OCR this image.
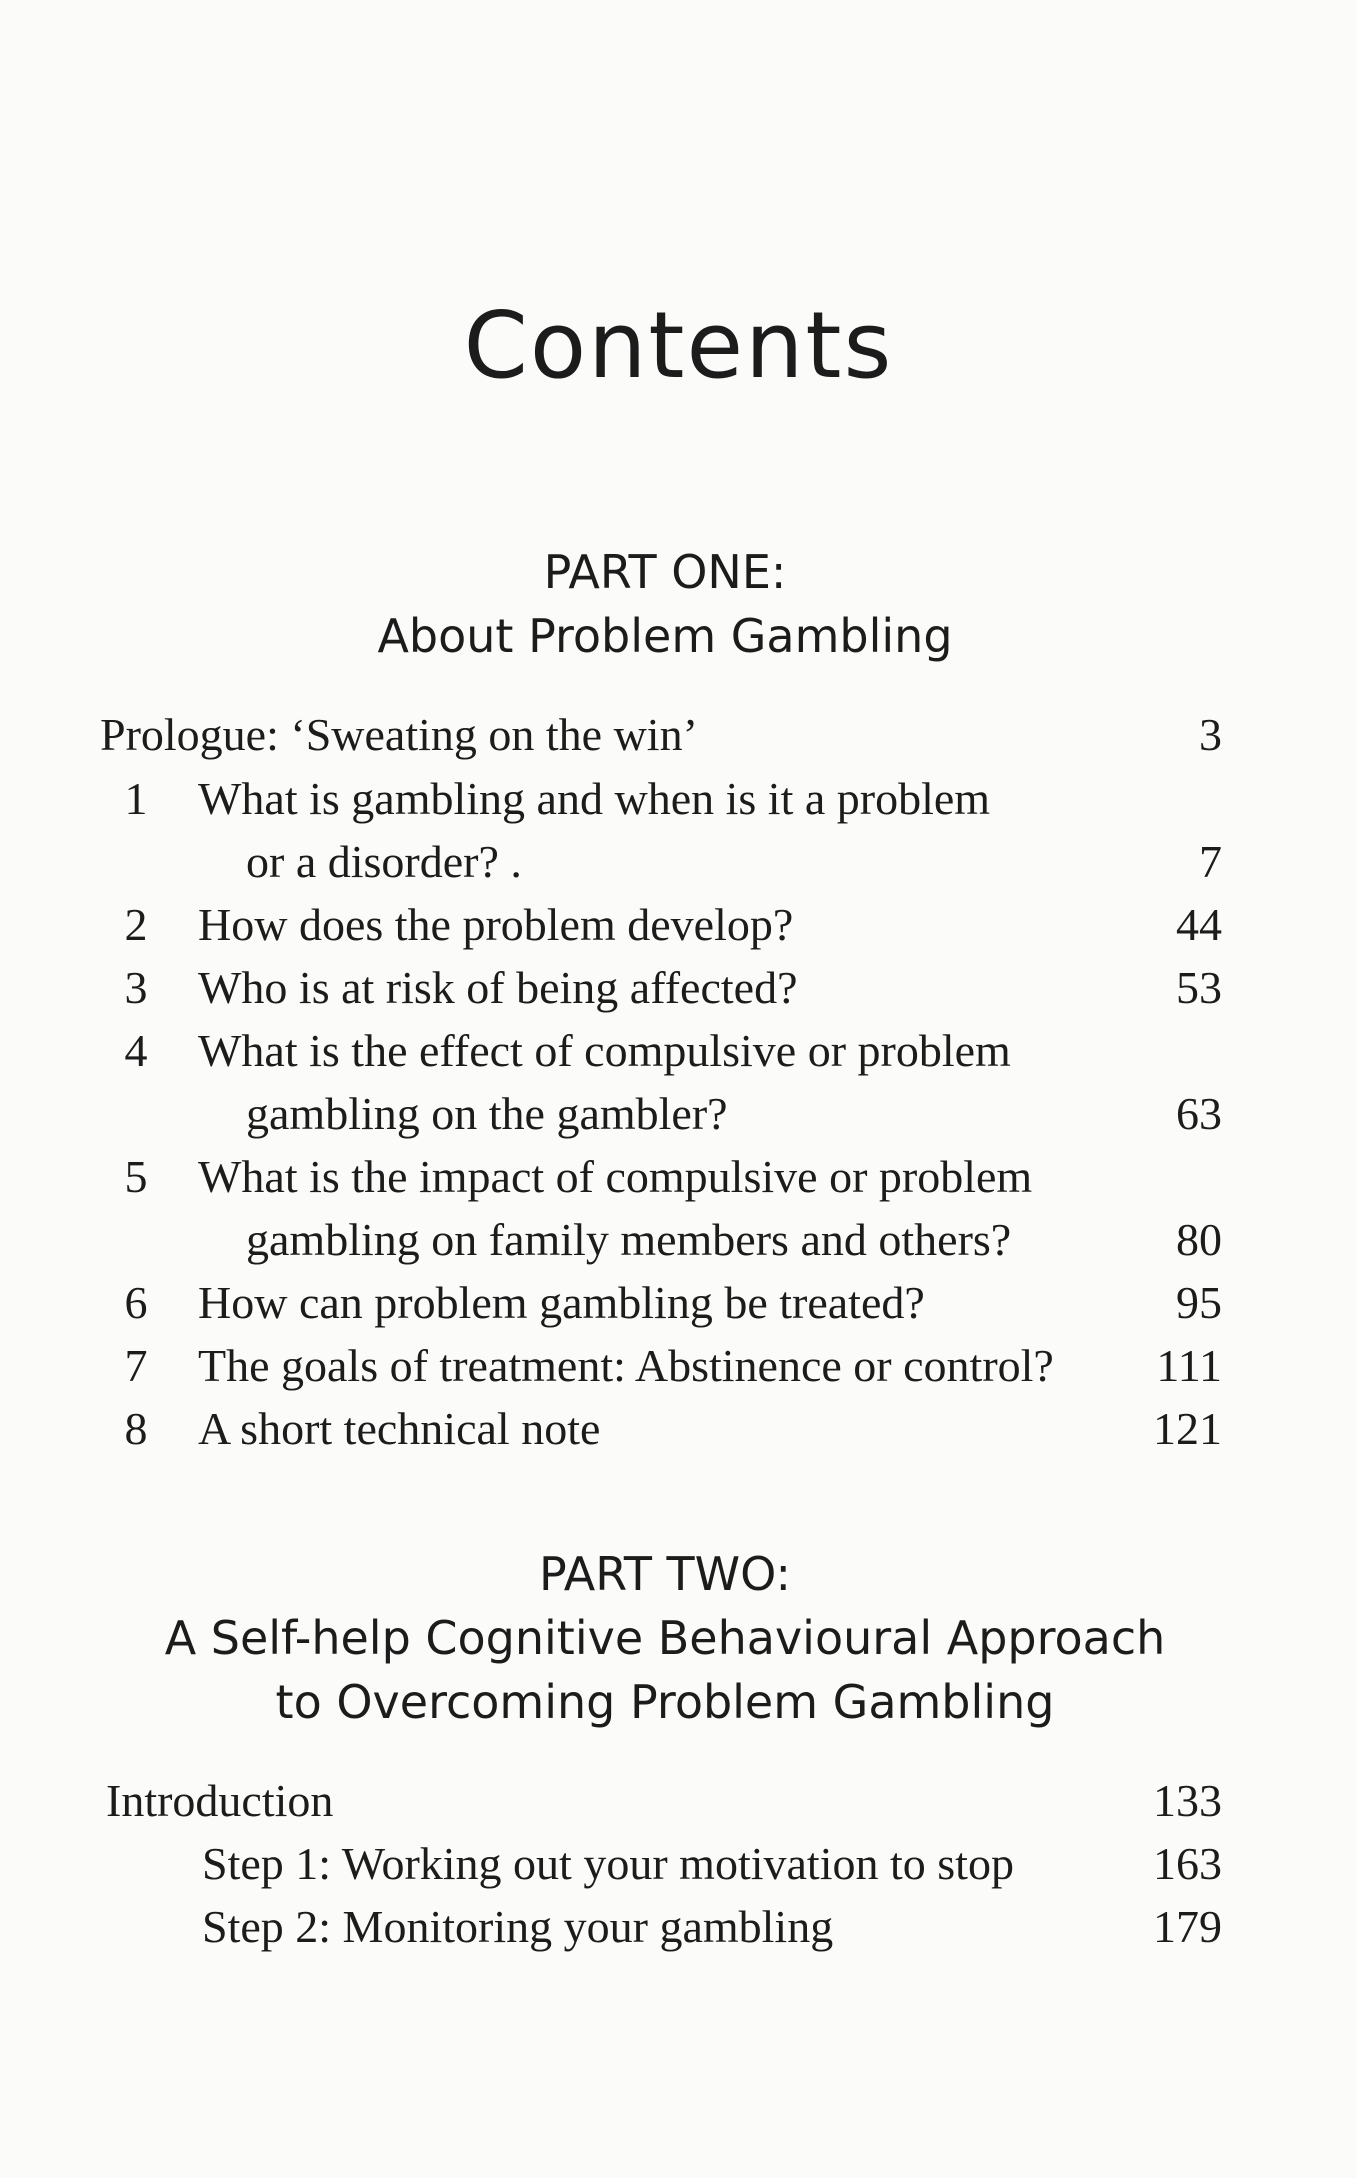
Contents
PART ONE:
About Problem Gambling
Prologue: ‘Sweating on the win’	3
1	What is gambling and when is it a problem
or a disorder? .	7
2	How does the problem develop?	44
3	Who is at risk of being affected?	53
4	What is the effect of compulsive or problem
gambling on the gambler?	63
5	What is the impact of compulsive or problem
gambling on family members and others?	80
6	How can problem gambling be treated?	95
7	The goals of treatment: Abstinence or control? 111
8	A short technical note	121
PART TWO:
A Self-help Cognitive Behavioural Approach
to Overcoming Problem Gambling
Introduction	133
Step 1: Working out your motivation to stop	163
Step 2: Monitoring your gambling	179
